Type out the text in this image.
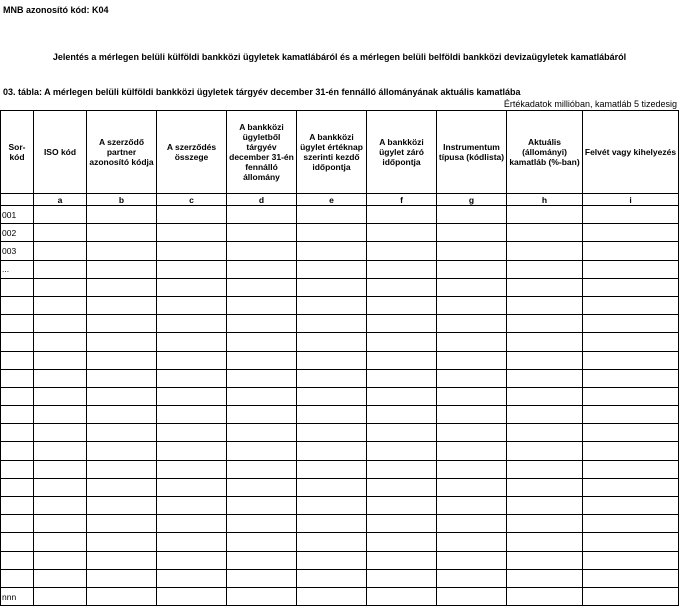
MNB azonosító kód: K04
Jelentés a mérlegen belüli külföldi bankközi ügyletek kamatlábáról és a mérlegen belüli belföldi bankközi devizaügyletek kamatlábáról
03. tábla: A mérlegen belüli külföldi bankközi ügyletek tárgyév december 31-én fennálló állományának aktuális kamatlába
Értékadatok millióban, kamatláb 5 tizedesig
Sor-kód	ISO kód	A szerződő partner azonosító kódja	A szerződés összege	A bankközi ügyletből tárgyév december 31-én fennálló állomány	A bankközi ügylet értéknap szerinti kezdő időpontja	A bankközi ügylet záró időpontja	Instrumentum típusa (kódlista)	Aktuális (állományi) kamatláb (%-ban)	Felvét vagy kihelyezés
	a	b	c	d	e	f	g	h	i
001									
002									
003									
...									

nnn									
